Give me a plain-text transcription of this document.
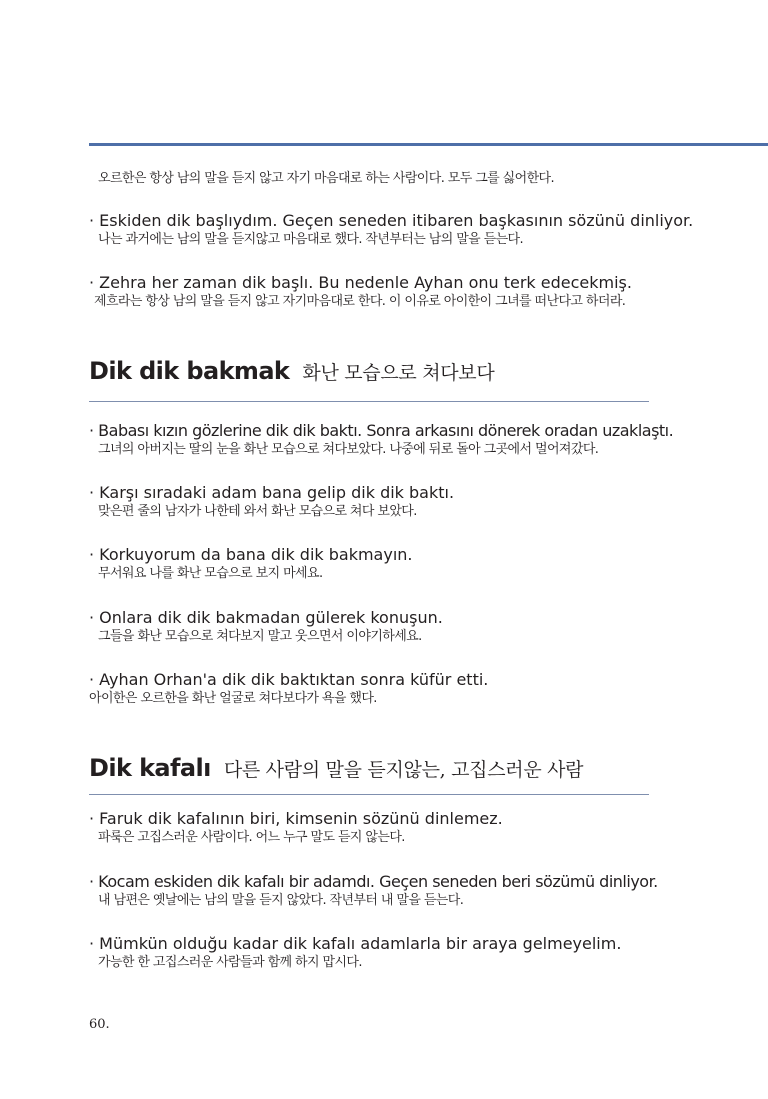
오르한은 항상 남의 말을 듣지 않고 자기 마음대로 하는 사람이다. 모두 그를 싫어한다.
· Eskiden dik başlıydım. Geçen seneden itibaren başkasının sözünü dinliyor.
나는 과거에는 남의 말을 듣지않고 마음대로 했다. 작년부터는 남의 말을 듣는다.
· Zehra her zaman dik başlı. Bu nedenle Ayhan onu terk edecekmiş.
제흐라는 항상 남의 말을 듣지 않고 자기마음대로 한다. 이 이유로 아이한이 그녀를 떠난다고 하더라.
Dik dik bakmak 화난 모습으로 쳐다보다
· Babası kızın gözlerine dik dik baktı. Sonra arkasını dönerek oradan uzaklaştı.
그녀의 아버지는 딸의 눈을 화난 모습으로 쳐다보았다. 나중에 뒤로 돌아 그곳에서 멀어져갔다.
· Karşı sıradaki adam bana gelip dik dik baktı.
맞은편 줄의 남자가 나한테 와서 화난 모습으로 쳐다 보았다.
· Korkuyorum da bana dik dik bakmayın.
무서워요 나를 화난 모습으로 보지 마세요.
· Onlara dik dik bakmadan gülerek konuşun.
그들을 화난 모습으로 쳐다보지 말고 웃으면서 이야기하세요.
· Ayhan Orhan'a dik dik baktıktan sonra küfür etti.
아이한은 오르한을 화난 얼굴로 쳐다보다가 욕을 했다.
Dik kafalı 다른 사람의 말을 듣지않는, 고집스러운 사람
· Faruk dik kafalının biri, kimsenin sözünü dinlemez.
파룩은 고집스러운 사람이다. 어느 누구 말도 듣지 않는다.
· Kocam eskiden dik kafalı bir adamdı. Geçen seneden beri sözümü dinliyor.
내 남편은 옛날에는 남의 말을 듣지 않았다. 작년부터 내 말을 듣는다.
· Mümkün olduğu kadar dik kafalı adamlarla bir araya gelmeyelim.
가능한 한 고집스러운 사람들과 함께 하지 맙시다.
60.
